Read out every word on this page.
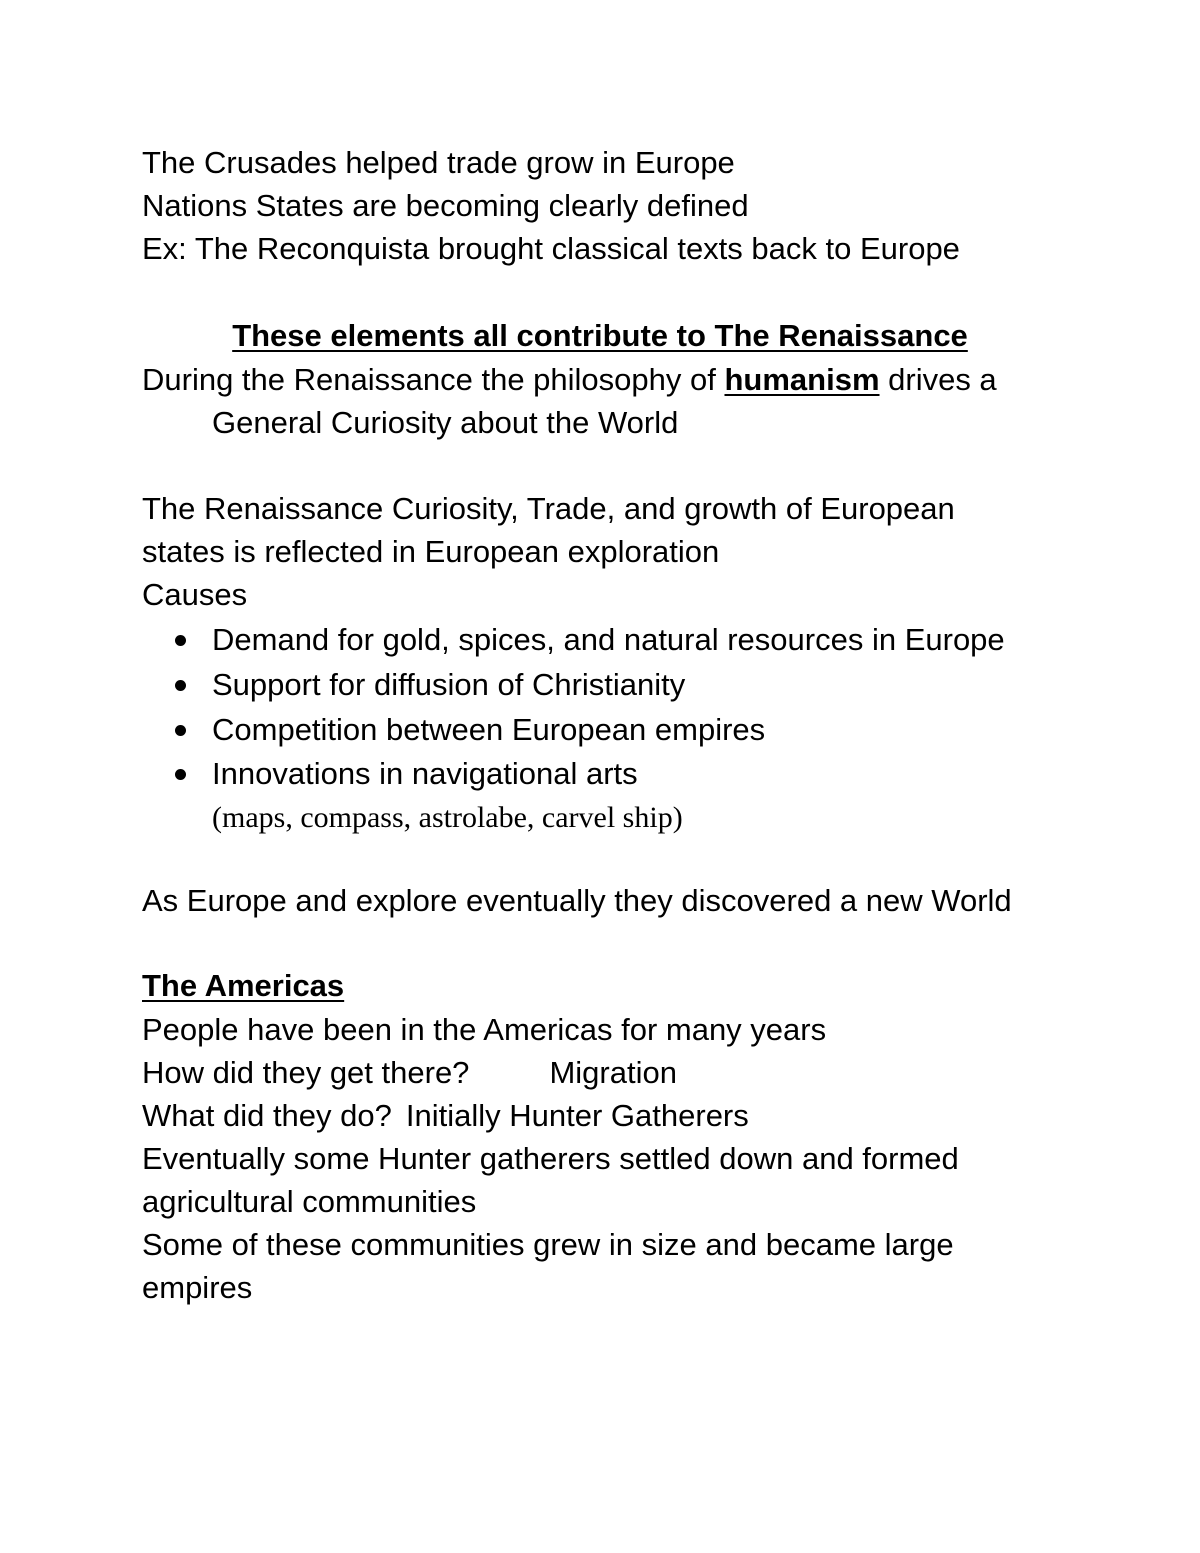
The Crusades helped trade grow in Europe
Nations States are becoming clearly defined
Ex: The Reconquista brought classical texts back to Europe
These elements all contribute to The Renaissance
During the Renaissance the philosophy of humanism drives a
General Curiosity about the World
The Renaissance Curiosity, Trade, and growth of European
states is reflected in European exploration
Causes
Demand for gold, spices, and natural resources in Europe
Support for diffusion of Christianity
Competition between European empires
Innovations in navigational arts
(maps, compass, astrolabe, carvel ship)
As Europe and explore eventually they discovered a new World
The Americas
People have been in the Americas for many years
How did they get there?	Migration
What did they do? Initially Hunter Gatherers
Eventually some Hunter gatherers settled down and formed
agricultural communities
Some of these communities grew in size and became large
empires
